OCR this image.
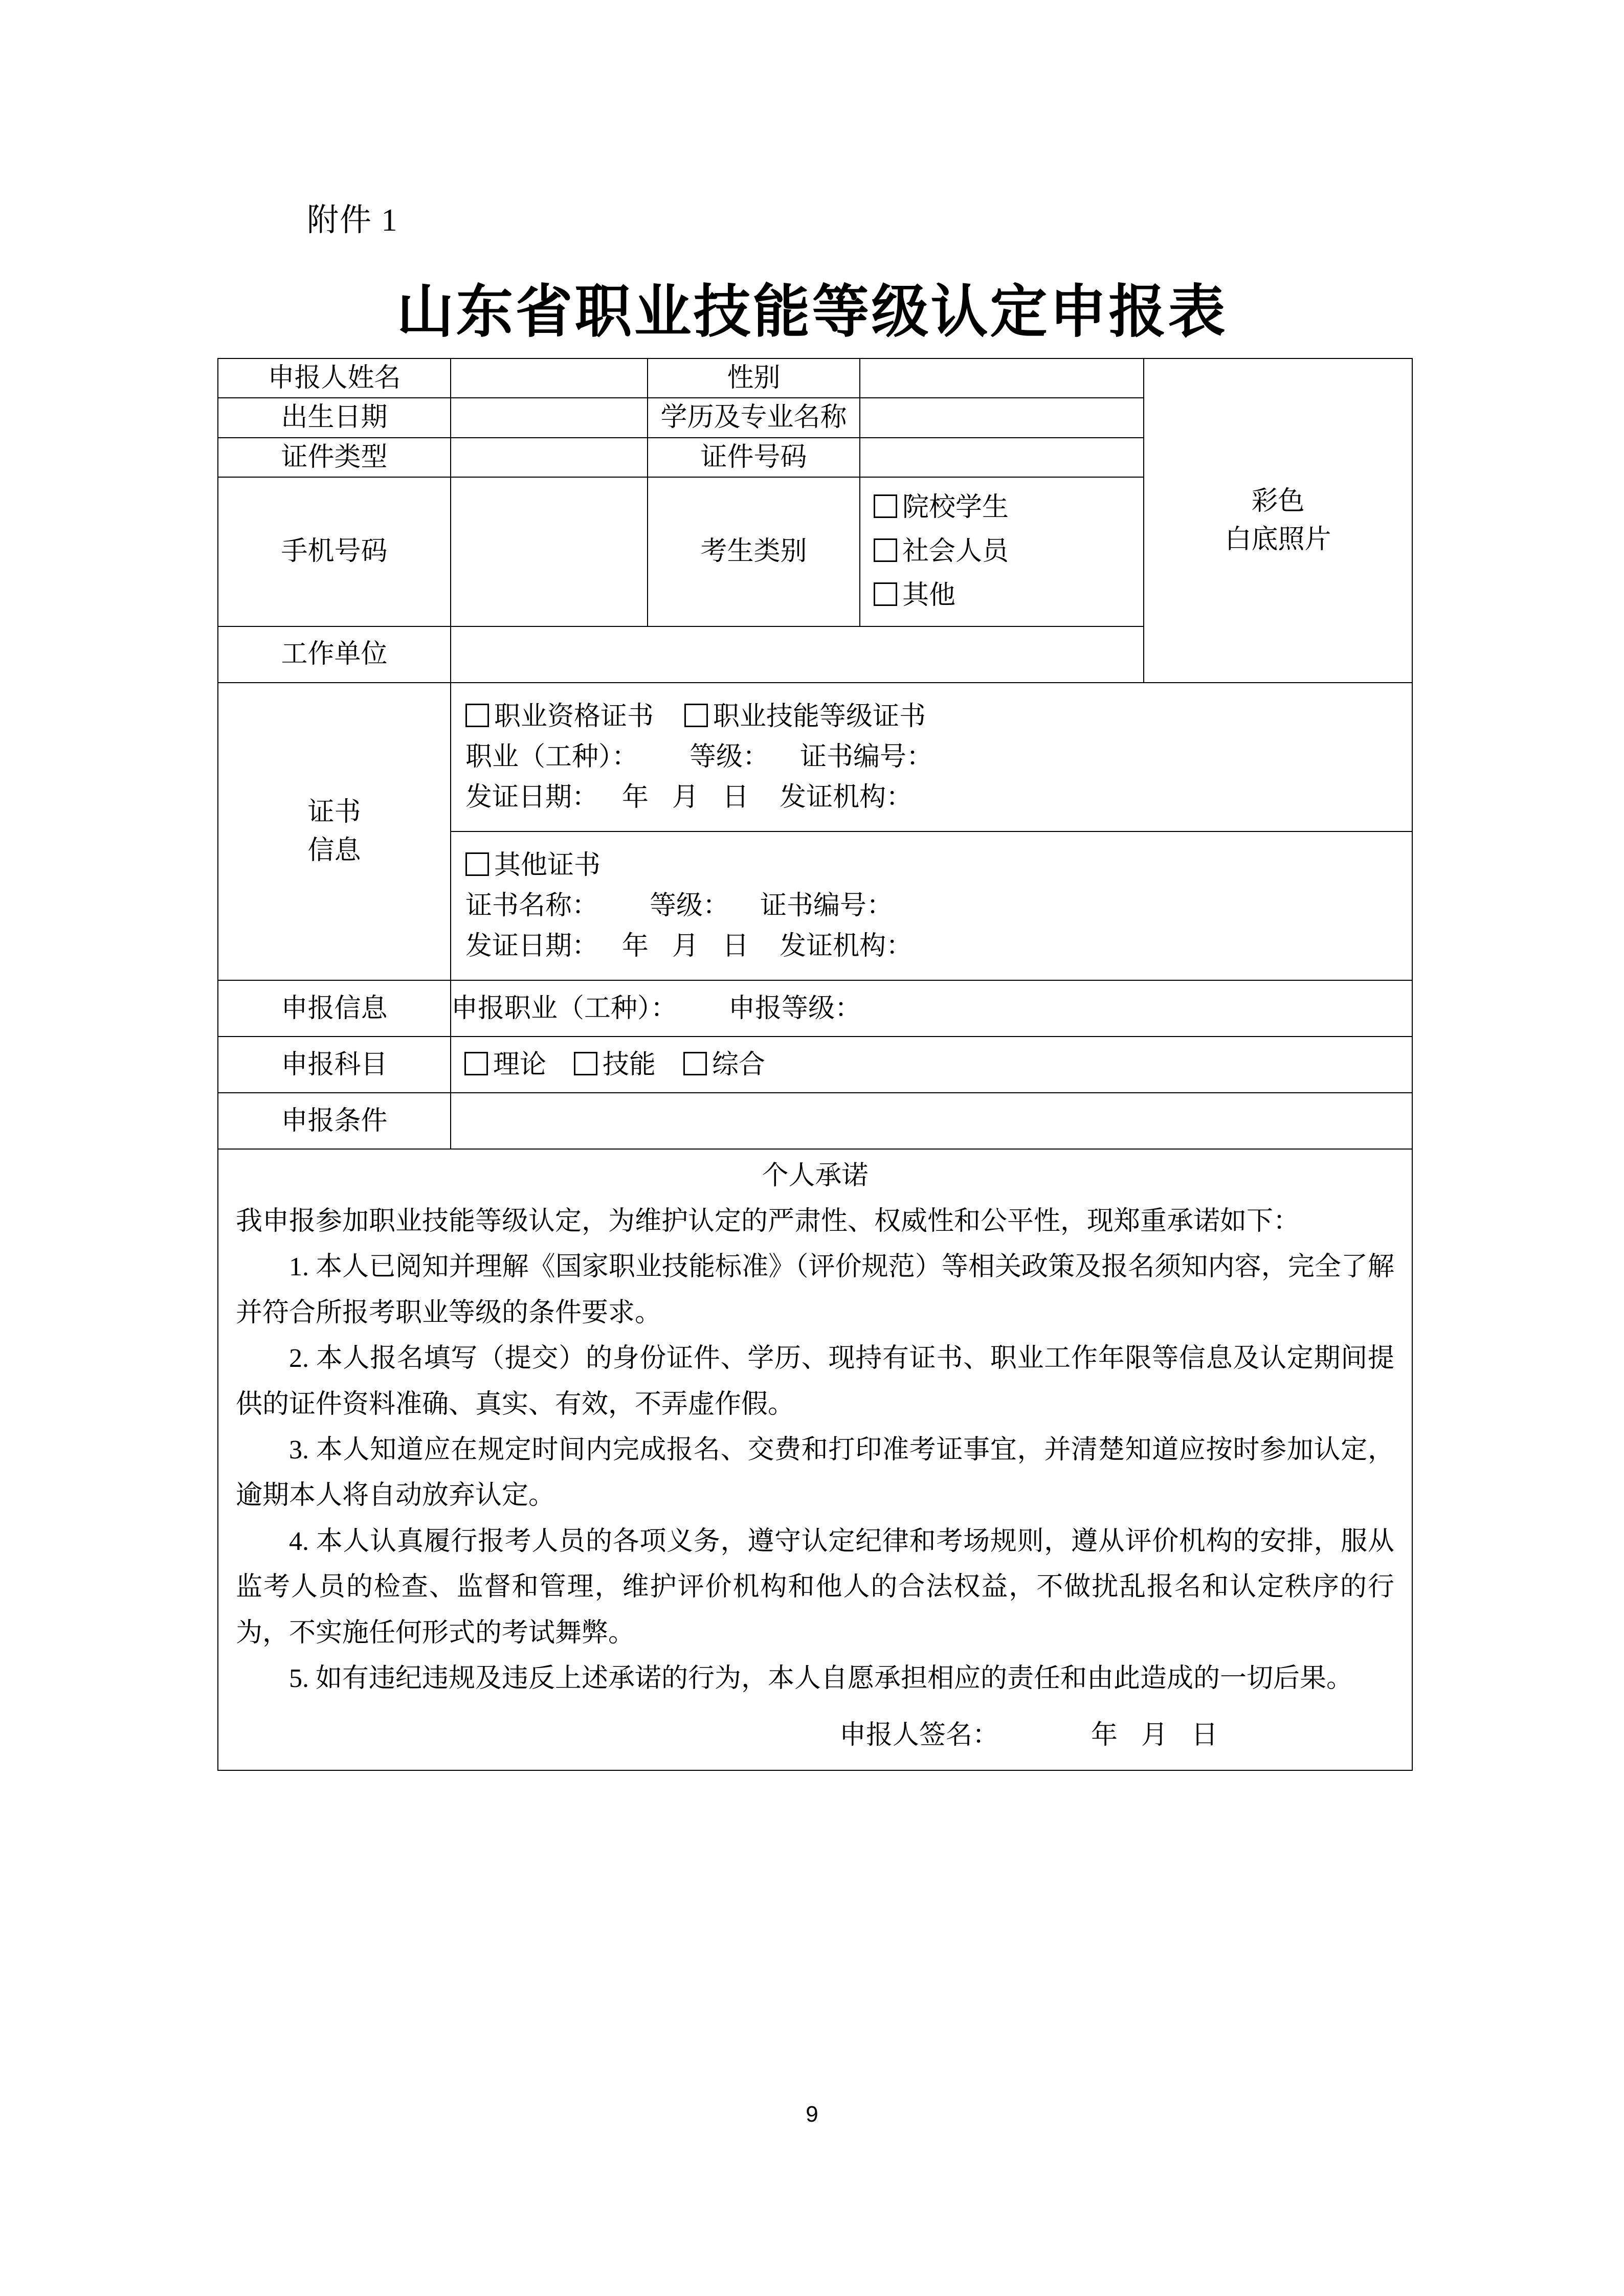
附件 1
山东省职业技能等级认定申报表
申报人姓名		性别		彩色
白底照片

出生日期		学历及专业名称		
证件类型		证件号码		
手机号码		考生类别	院校学生
社会人员
其他	

工作单位				

证书
信息

职业资格证书 职业技能等级证书
职业（工种）： 等级： 证书编号：
发证日期： 年 月 日 发证机构：

	其他证书
证书名称： 等级： 证书编号：
发证日期： 年 月 日 发证机构：			

申报信息	申报职业（工种）： 申报等级：			
申报科目	理论 技能 综合			

申报条件				

个人承诺

我申报参加职业技能等级认定，为维护认定的严肃性、权威性和公平性，现郑重承诺如下：

1. 本人已阅知并理解《国家职业技能标准》（评价规范）等相关政策及报名须知内容，完全了解并符合所报考职业等级的条件要求。

2. 本人报名填写（提交）的身份证件、学历、现持有证书、职业工作年限等信息及认定期间提供的证件资料准确、真实、有效，不弄虚作假。

3. 本人知道应在规定时间内完成报名、交费和打印准考证事宜，并清楚知道应按时参加认定，逾期本人将自动放弃认定。

4. 本人认真履行报考人员的各项义务，遵守认定纪律和考场规则，遵从评价机构的安排，服从监考人员的检查、监督和管理，维护评价机构和他人的合法权益，不做扰乱报名和认定秩序的行为，不实施任何形式的考试舞弊。

5. 如有违纪违规及违反上述承诺的行为，本人自愿承担相应的责任和由此造成的一切后果。

申报人签名：	年 月 日
9
